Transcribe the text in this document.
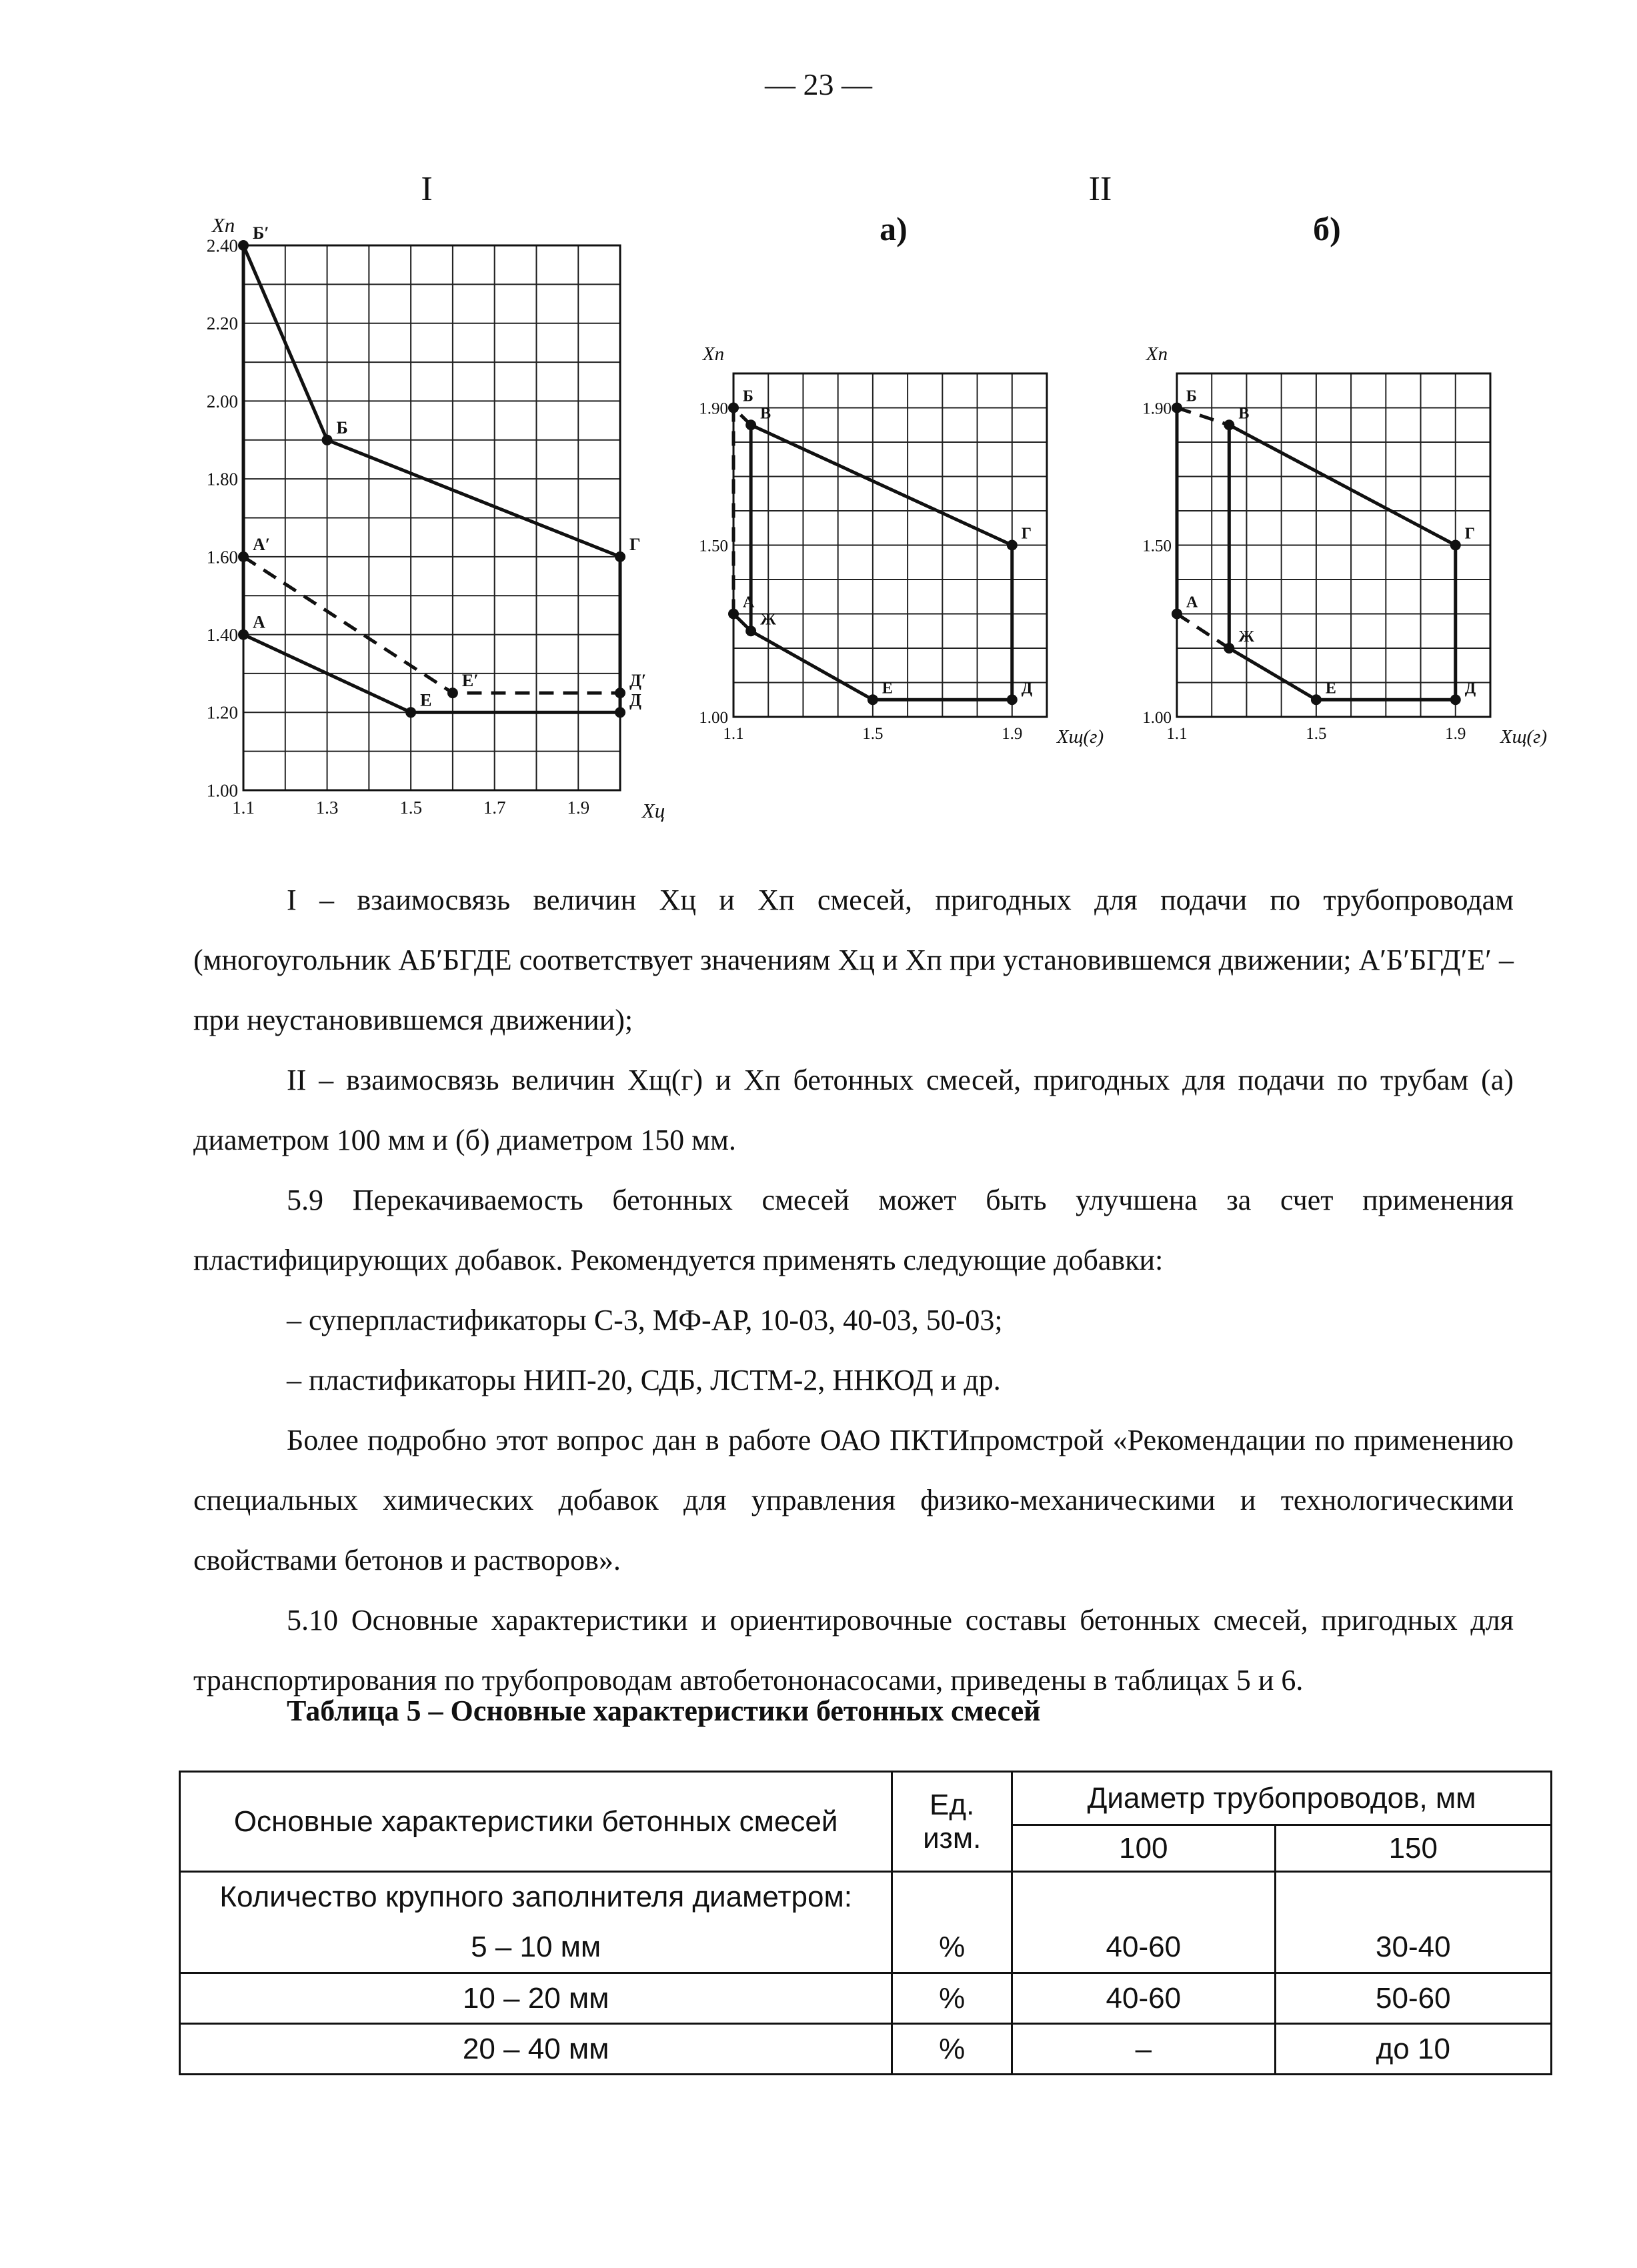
— 23 —
I	II
а)	б)
1.1	1.3	1.5	1.7	1.9
1.00
1.20
1.40
1.60
1.80
2.00
2.20
2.40
Xп
Xц
Б′
Б
Г
А′
А
Е′	Д′
Е	Д
1.1	1.5	1.9
1.00
1.50
1.90
Xп
Xщ(г)
Б
В
Г
Ж
А
Е	Д
1.1	1.5	1.9
1.00
1.50
1.90
Xп
Xщ(г)
Б
В
Г
А
Ж
Е	Д

I – взаимосвязь величин Xц и Xп смесей, пригодных для подачи по трубопроводам (многоугольник АБ′БГДЕ соответствует значениям Xц и Xп при установившемся движении; А′Б′БГД′Е′ – при неустановившемся движении);

II – взаимосвязь величин Xщ(г) и Xп бетонных смесей, пригодных для подачи по трубам (а) диаметром 100 мм и (б) диаметром 150 мм.

5.9 Перекачиваемость бетонных смесей может быть улучшена за счет применения пластифицирующих добавок. Рекомендуется применять следующие добавки:

– суперпластификаторы С-3, МФ-АР, 10-03, 40-03, 50-03;

– пластификаторы НИП-20, СДБ, ЛСТМ-2, ННКОД и др.

Более подробно этот вопрос дан в работе ОАО ПКТИпромстрой «Рекомендации по применению специальных химических добавок для управления физико-механическими и технологическими свойствами бетонов и растворов».

5.10 Основные характеристики и ориентировочные составы бетонных смесей, пригодных для транспортирования по трубопроводам автобетононасосами, приведены в таблицах 5 и 6.

Таблица 5 – Основные характеристики бетонных смесей
Основные характеристики бетонных смесей	Ед. изм.	Диаметр трубопроводов, мм	
		100	150
Количество крупного заполнителя диаметром:			
5 – 10 мм	%	40-60	30-40
10 – 20 мм	%	40-60	50-60
20 – 40 мм	%	–	до 10
